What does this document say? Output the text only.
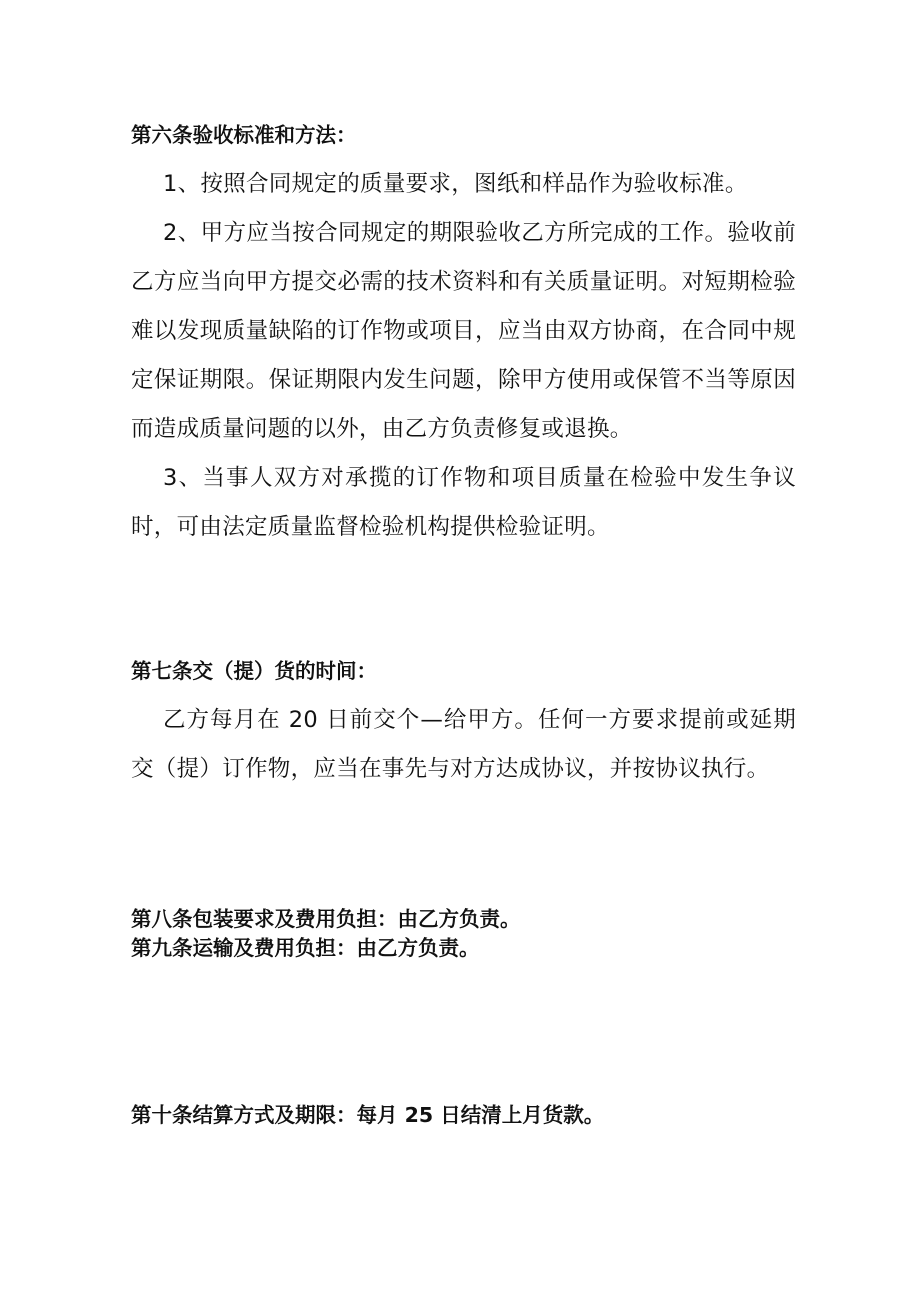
第六条验收标准和方法：
1、按照合同规定的质量要求，图纸和样品作为验收标准。
2、甲方应当按合同规定的期限验收乙方所完成的工作。验收前乙方应当向甲方提交必需的技术资料和有关质量证明。对短期检验难以发现质量缺陷的订作物或项目，应当由双方协商，在合同中规定保证期限。保证期限内发生问题，除甲方使用或保管不当等原因而造成质量问题的以外，由乙方负责修复或退换。
3、当事人双方对承揽的订作物和项目质量在检验中发生争议时，可由法定质量监督检验机构提供检验证明。
第七条交（提）货的时间：
乙方每月在 20 日前交个—给甲方。任何一方要求提前或延期交（提）订作物，应当在事先与对方达成协议，并按协议执行。
第八条包装要求及费用负担：由乙方负责。
第九条运输及费用负担：由乙方负责。
第十条结算方式及期限：每月 25 日结清上月货款。
